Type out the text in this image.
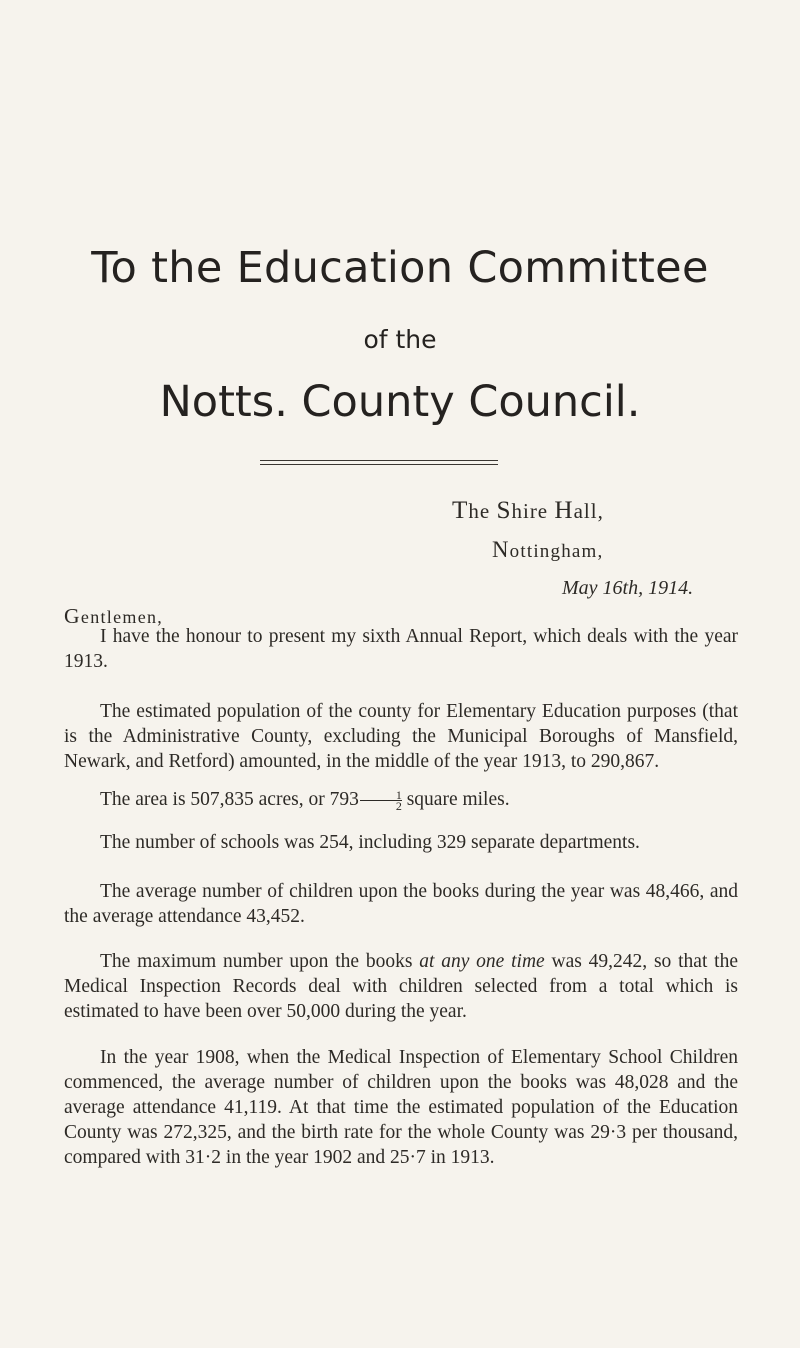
To the Education Committee
of the
Notts. County Council.
The Shire Hall,
Nottingham,
May 16th, 1914.
Gentlemen,

I have the honour to present my sixth Annual Report, which deals with the year 1913.

The estimated population of the county for Elementary Education purposes (that is the Administrative County, excluding the Municipal Boroughs of Mansfield, Newark, and Retford) amounted, in the middle of the year 1913, to 290,867.

The area is 507,835 acres, or $793 \frac{1}{2}$ square miles.

The number of schools was 254, including 329 separate departments.

The average number of children upon the books during the year was 48,466, and the average attendance 43,452.

The maximum number upon the books at any one time was 49,242, so that the Medical Inspection Records deal with children selected from a total which is estimated to have been over 50,000 during the year.

In the year 1908, when the Medical Inspection of Elementary School Children commenced, the average number of children upon the books was 48,028 and the average attendance 41,119. At that time the estimated population of the Education County was 272,325, and the birth rate for the whole County was 29·3 per thousand, compared with 31·2 in the year 1902 and 25·7 in 1913.
